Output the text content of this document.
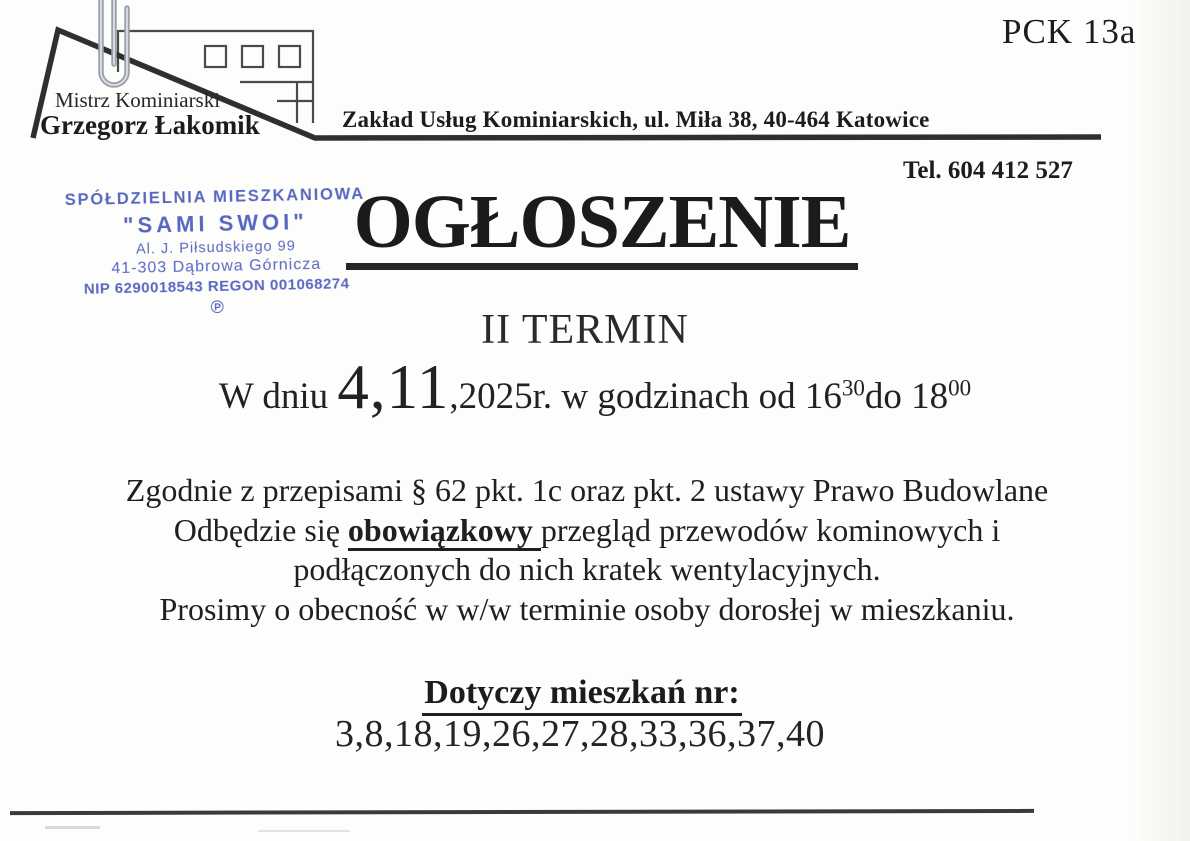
PCK 13a
Mistrz Kominiarski
Grzegorz Łakomik	Zakład Usług Kominiarskich, ul. Miła 38, 40-464 Katowice
Tel. 604 412 527
SPÓŁDZIELNIA MIESZKANIOWA
"SAMI SWOI"
Al. J. Piłsudskiego 99
41-303 Dąbrowa Górnicza
NIP 6290018543 REGON 001068274
℗
OGŁOSZENIE
II TERMIN
W dniu 4,11,2025r. w godzinach od $16^{30}do$ $18^{00}$
Zgodnie z przepisami § 62 pkt. 1c oraz pkt. 2 ustawy Prawo Budowlane
Odbędzie się obowiązkowy przegląd przewodów kominowych i
podłączonych do nich kratek wentylacyjnych.
Prosimy o obecność w w/w terminie osoby dorosłej w mieszkaniu.
Dotyczy mieszkań nr:
3,8,18,19,26,27,28,33,36,37,40
